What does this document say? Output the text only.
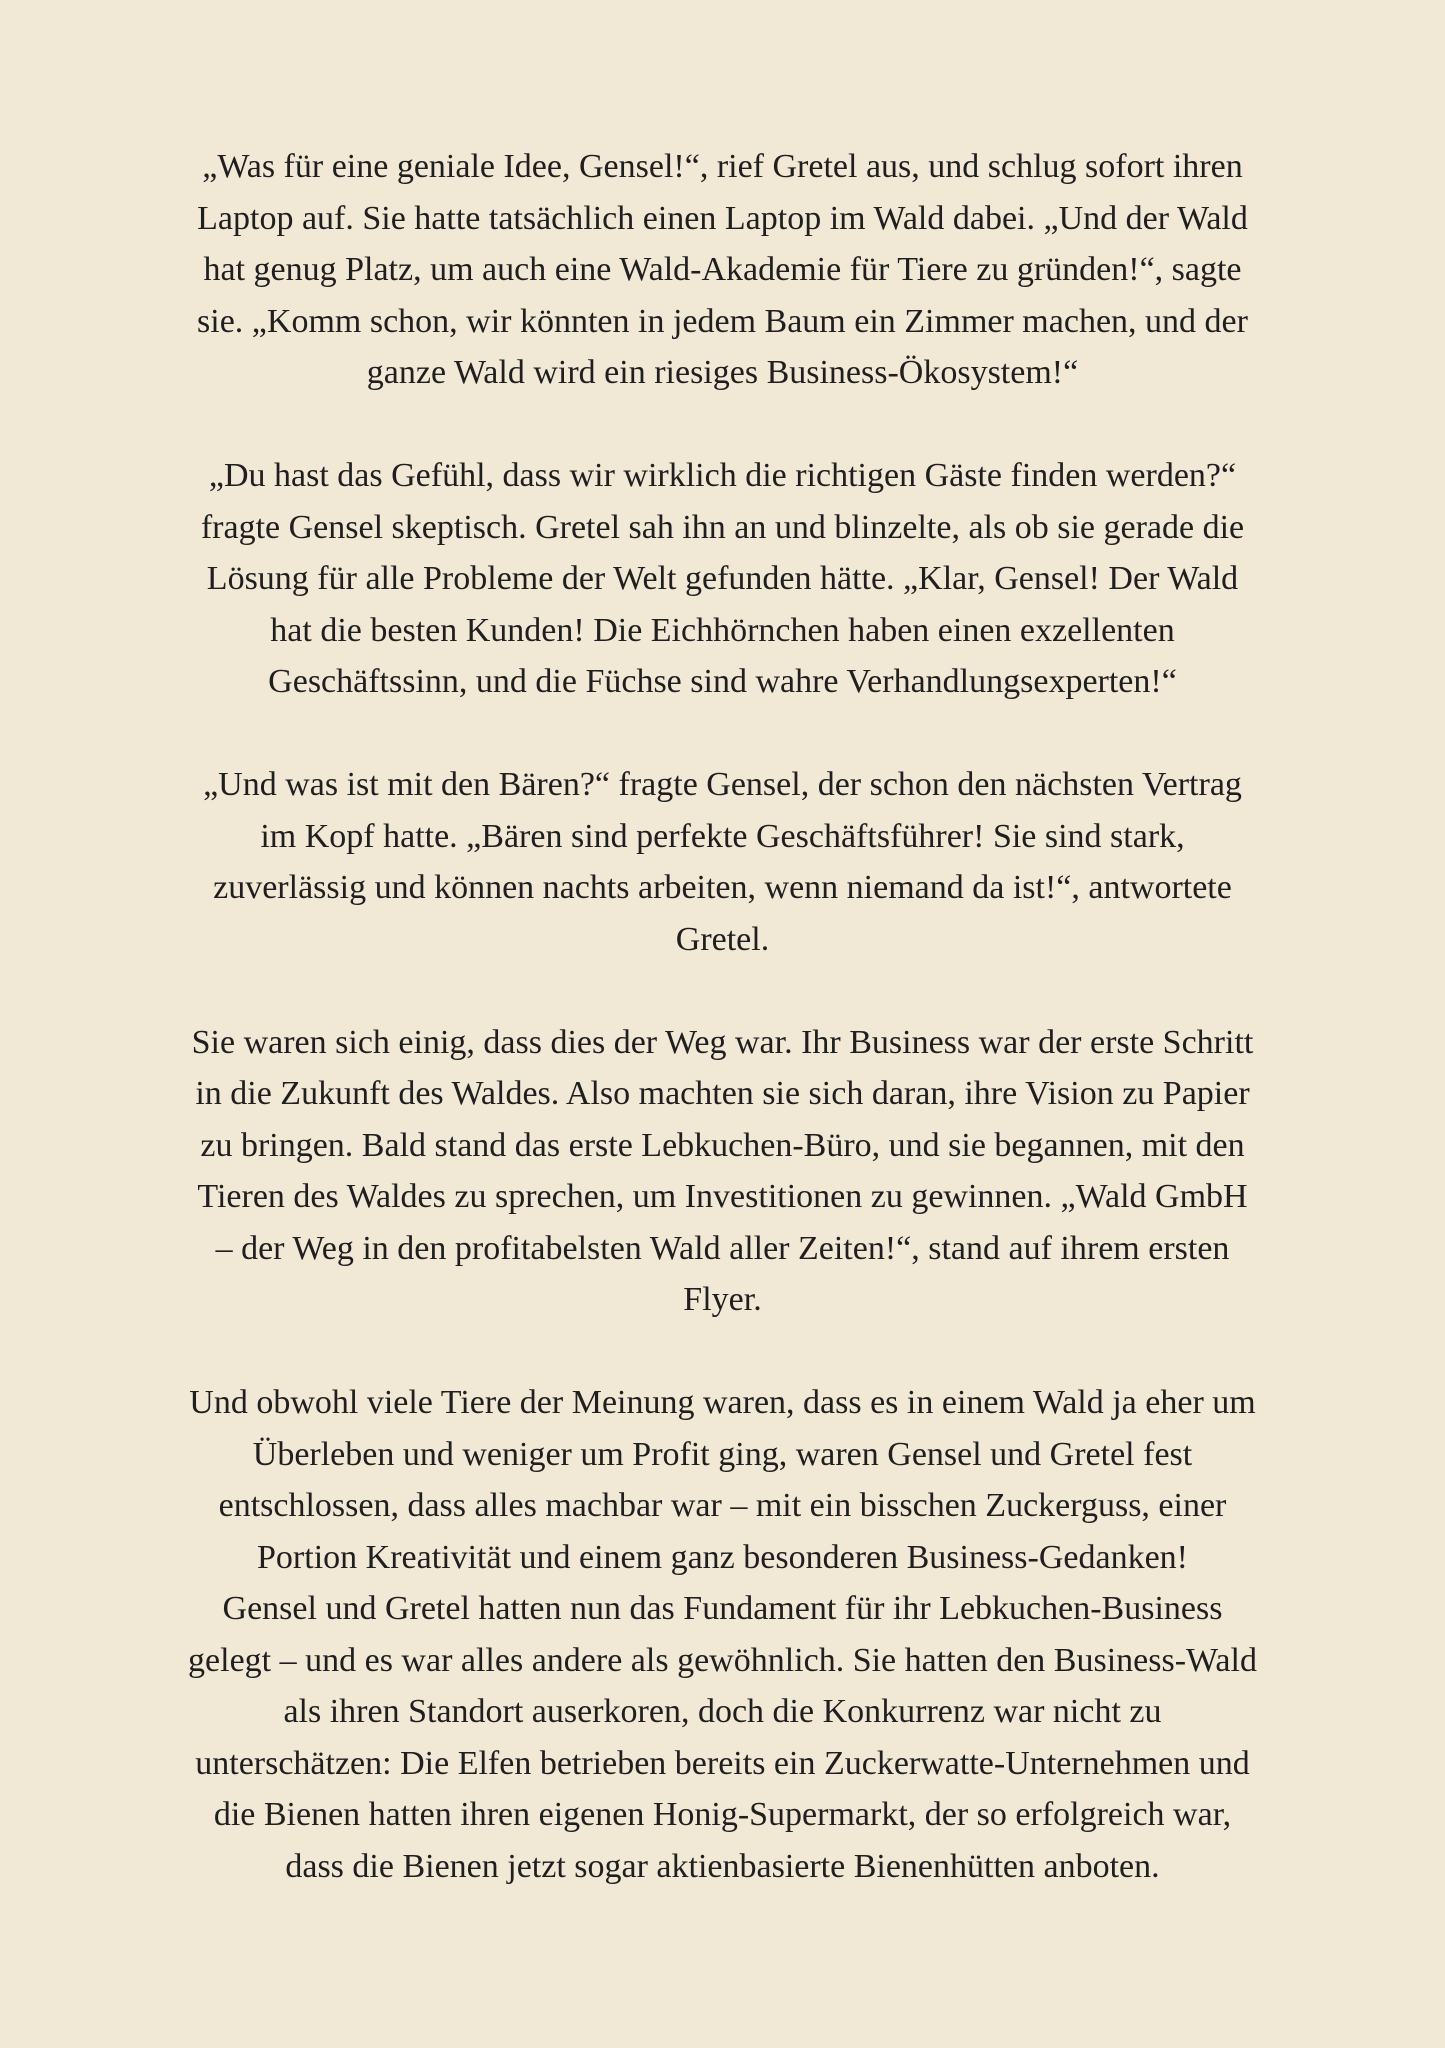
„Was für eine geniale Idee, Gensel!“, rief Gretel aus, und schlug sofort ihren
Laptop auf. Sie hatte tatsächlich einen Laptop im Wald dabei. „Und der Wald
hat genug Platz, um auch eine Wald-Akademie für Tiere zu gründen!“, sagte
sie. „Komm schon, wir könnten in jedem Baum ein Zimmer machen, und der
ganze Wald wird ein riesiges Business-Ökosystem!“

„Du hast das Gefühl, dass wir wirklich die richtigen Gäste finden werden?“
fragte Gensel skeptisch. Gretel sah ihn an und blinzelte, als ob sie gerade die
Lösung für alle Probleme der Welt gefunden hätte. „Klar, Gensel! Der Wald
hat die besten Kunden! Die Eichhörnchen haben einen exzellenten
Geschäftssinn, und die Füchse sind wahre Verhandlungsexperten!“

„Und was ist mit den Bären?“ fragte Gensel, der schon den nächsten Vertrag
im Kopf hatte. „Bären sind perfekte Geschäftsführer! Sie sind stark,
zuverlässig und können nachts arbeiten, wenn niemand da ist!“, antwortete
Gretel.

Sie waren sich einig, dass dies der Weg war. Ihr Business war der erste Schritt
in die Zukunft des Waldes. Also machten sie sich daran, ihre Vision zu Papier
zu bringen. Bald stand das erste Lebkuchen-Büro, und sie begannen, mit den
Tieren des Waldes zu sprechen, um Investitionen zu gewinnen. „Wald GmbH
– der Weg in den profitabelsten Wald aller Zeiten!“, stand auf ihrem ersten
Flyer.

Und obwohl viele Tiere der Meinung waren, dass es in einem Wald ja eher um
Überleben und weniger um Profit ging, waren Gensel und Gretel fest
entschlossen, dass alles machbar war – mit ein bisschen Zuckerguss, einer
Portion Kreativität und einem ganz besonderen Business-Gedanken!
Gensel und Gretel hatten nun das Fundament für ihr Lebkuchen-Business
gelegt – und es war alles andere als gewöhnlich. Sie hatten den Business-Wald
als ihren Standort auserkoren, doch die Konkurrenz war nicht zu
unterschätzen: Die Elfen betrieben bereits ein Zuckerwatte-Unternehmen und
die Bienen hatten ihren eigenen Honig-Supermarkt, der so erfolgreich war,
dass die Bienen jetzt sogar aktienbasierte Bienenhütten anboten.
